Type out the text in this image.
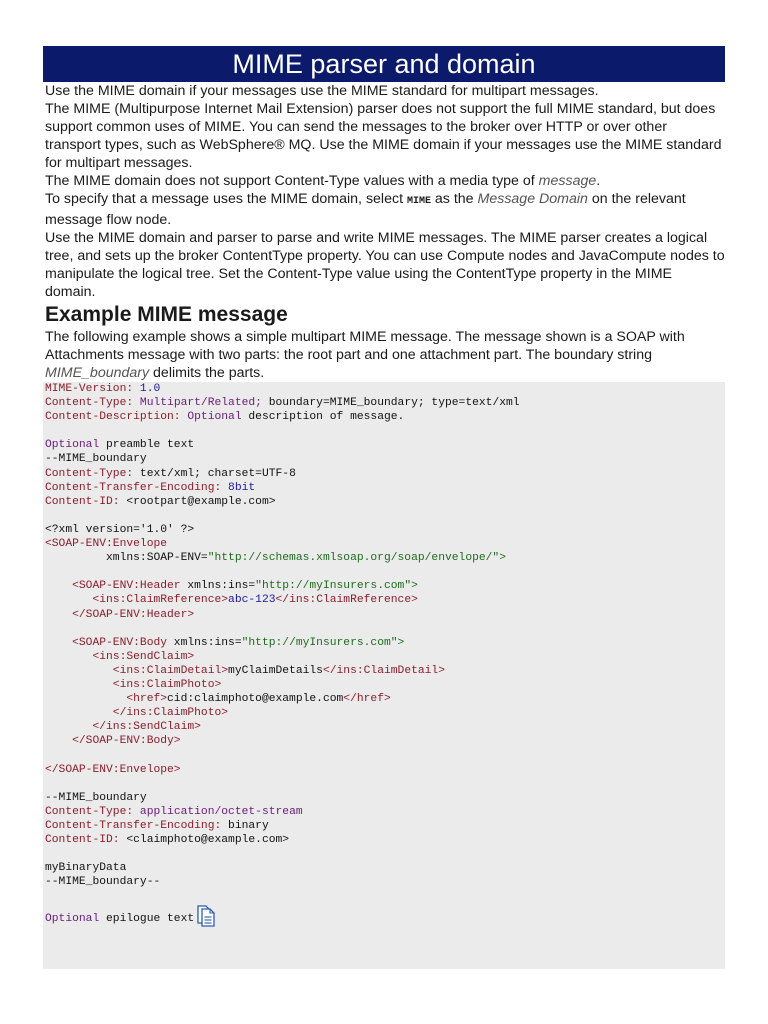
MIME parser and domain

Use the MIME domain if your messages use the MIME standard for multipart messages.

The MIME (Multipurpose Internet Mail Extension) parser does not support the full MIME standard, but does support common uses of MIME. You can send the messages to the broker over HTTP or over other transport types, such as WebSphere® MQ. Use the MIME domain if your messages use the MIME standard for multipart messages.

The MIME domain does not support Content-Type values with a media type of message.

To specify that a message uses the MIME domain, select MIME as the Message Domain on the relevant message flow node.

Use the MIME domain and parser to parse and write MIME messages. The MIME parser creates a logical tree, and sets up the broker ContentType property. You can use Compute nodes and JavaCompute nodes to manipulate the logical tree. Set the Content-Type value using the ContentType property in the MIME domain.

Example MIME message

The following example shows a simple multipart MIME message. The message shown is a SOAP with Attachments message with two parts: the root part and one attachment part. The boundary string MIME_boundary delimits the parts.

MIME-Version: 1.0
Content-Type: Multipart/Related; boundary=MIME_boundary; type=text/xml
Content-Description: Optional description of message.

Optional preamble text
--MIME_boundary
Content-Type: text/xml; charset=UTF-8
Content-Transfer-Encoding: 8bit
Content-ID: <rootpart@example.com>

<?xml version='1.0' ?>
<SOAP-ENV:Envelope
xmlns:SOAP-ENV="http://schemas.xmlsoap.org/soap/envelope/">

<SOAP-ENV:Header xmlns:ins="http://myInsurers.com">
<ins:ClaimReference>abc-123</ins:ClaimReference>
</SOAP-ENV:Header>

<SOAP-ENV:Body xmlns:ins="http://myInsurers.com">
<ins:SendClaim>
<ins:ClaimDetail>myClaimDetails</ins:ClaimDetail>
<ins:ClaimPhoto>
<href>cid:claimphoto@example.com</href>
</ins:ClaimPhoto>
</ins:SendClaim>
</SOAP-ENV:Body>

</SOAP-ENV:Envelope>

--MIME_boundary
Content-Type: application/octet-stream
Content-Transfer-Encoding: binary
Content-ID: <claimphoto@example.com>

myBinaryData
--MIME_boundary--

Optional epilogue text
